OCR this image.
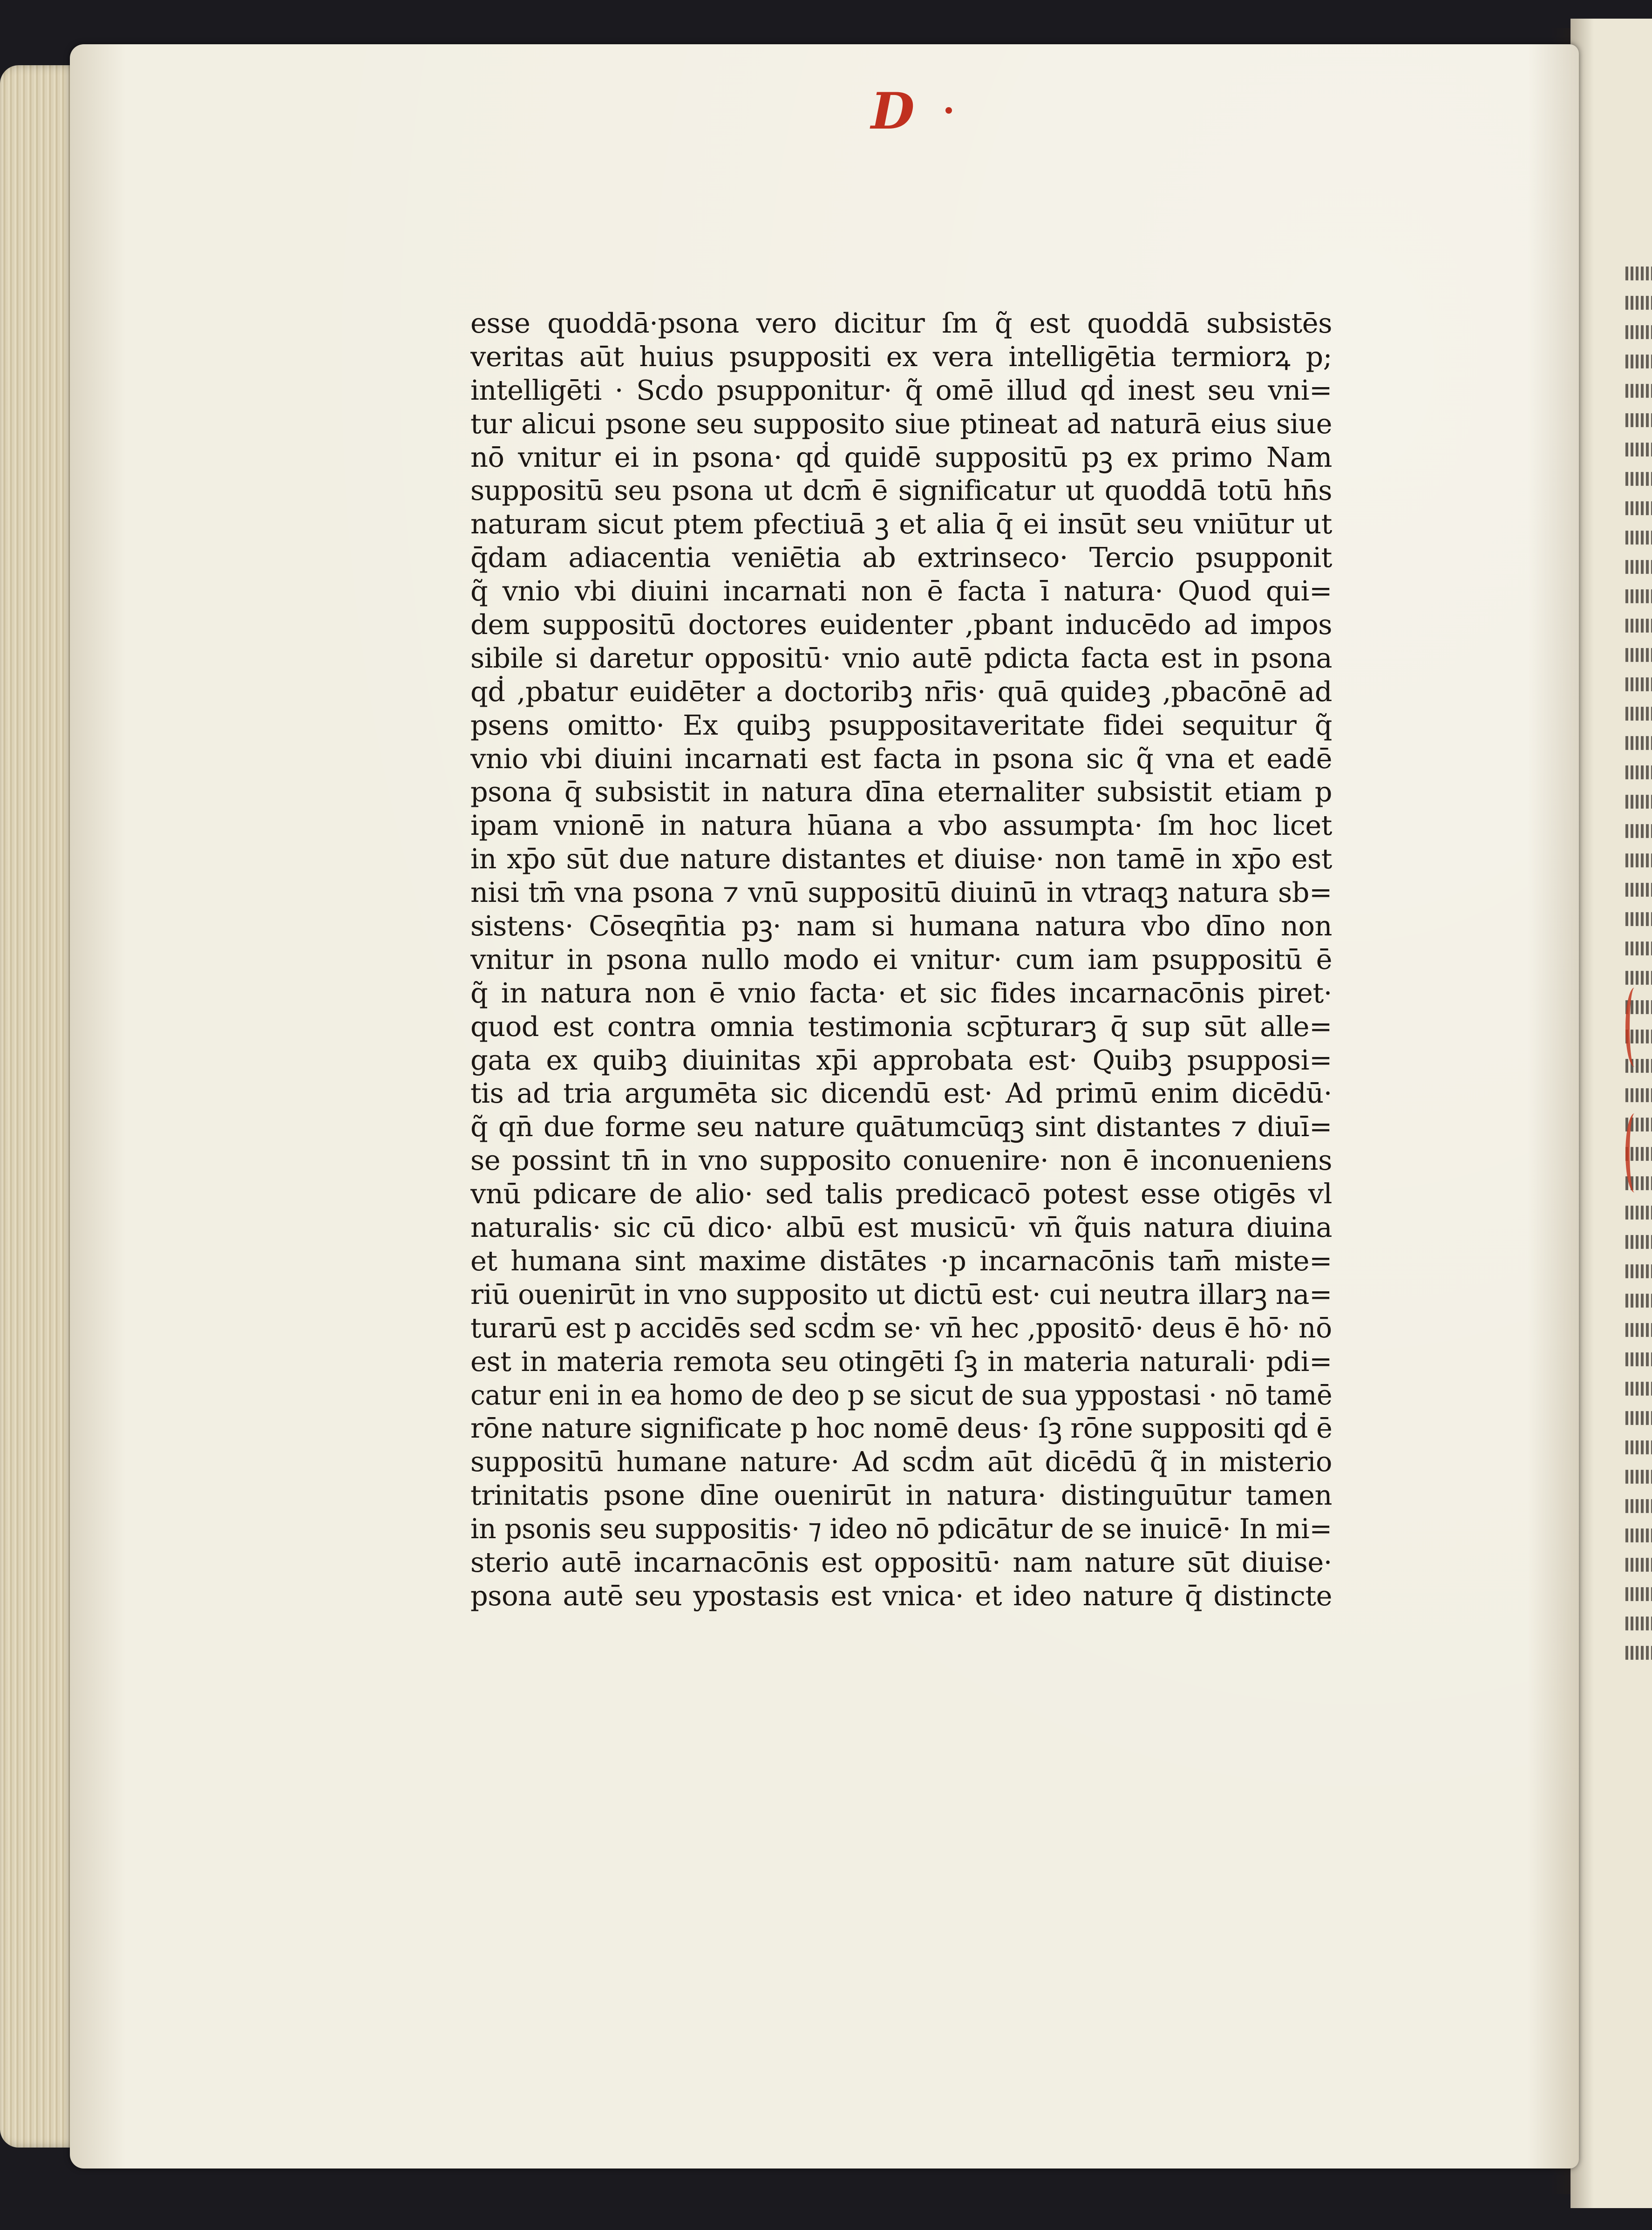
D
esse quoddā·psona vero dicitur ſm q̃ est quoddā subsistēs
veritas aūt huius psuppositi ex vera intelligētia termiorꝝ p;
intelligēti · Scḋo psupponitur· q̃ omē illud qḋ inest seu vni=
tur alicui psone seu supposito siue ptineat ad naturā eius siue
nō vnitur ei in psona· qḋ quidē suppositū pꝫ ex primo Nam
suppositū seu psona ut dcm̄ ē significatur ut quoddā totū hn̄s
naturam sicut ptem pfectiuā ꝫ et alia q̄ ei insūt seu vniūtur ut
q̄dam adiacentia veniētia ab extrinseco· Tercio psupponit
q̃ vnio vbi diuini incarnati non ē facta ī natura· Quod qui=
dem suppositū doctores euidenter ,pbant inducēdo ad impos
sibile si daretur oppositū· vnio autē pdicta facta est in psona
qḋ ,pbatur euidēter a doctoribꝫ nr̄is· quā quideꝫ ,pbacōnē ad
psens omitto· Ex quibꝫ psuppositaveritate fidei sequitur q̃
vnio vbi diuini incarnati est facta in psona sic q̃ vna et eadē
psona q̄ subsistit in natura dīna eternaliter subsistit etiam p
ipam vnionē in natura hūana a vbo assumpta· ſm hoc licet
in xp̄o sūt due nature distantes et diuise· non tamē in xp̄o est
nisi tm̄ vna psona ⁊ vnū suppositū diuinū in vtraqꝫ natura sb=
sistens· Cōseqn̄tia pꝫ· nam si humana natura vbo dīno non
vnitur in psona nullo modo ei vnitur· cum iam psuppositū ē
q̃ in natura non ē vnio facta· et sic fides incarnacōnis piret·
quod est contra omnia testimonia scp̄turarꝫ q̄ sup sūt alle=
gata ex quibꝫ diuinitas xp̄i approbata est· Quibꝫ psupposi=
tis ad tria argumēta sic dicendū est· Ad primū enim dicēdū·
q̃ qn̄ due forme seu nature quātumcūqꝫ sint distantes ⁊ diuī=
se possint tn̄ in vno supposito conuenire· non ē inconueniens
vnū pdicare de alio· sed talis predicacō potest esse otigēs vl
naturalis· sic cū dico· albū est musicū· vn̄ q̃uis natura diuina
et humana sint maxime distātes ·p incarnacōnis tam̄ miste=
riū ouenirūt in vno supposito ut dictū est· cui neutra illarꝫ na=
turarū est p accidēs sed scḋm se· vn̄ hec ,ppositō· deus ē hō· nō
est in materia remota seu otingēti ſꝫ in materia naturali· pdi=
catur eni in ea homo de deo p se sicut de sua yppostasi · nō tamē
rōne nature significate p hoc nomē deus· ſꝫ rōne suppositi qḋ ē
suppositū humane nature· Ad scḋm aūt dicēdū q̃ in misterio
trinitatis psone dīne ouenirūt in natura· distinguūtur tamen
in psonis seu suppositis· ⁊ ideo nō pdicātur de se inuicē· In mi=
sterio autē incarnacōnis est oppositū· nam nature sūt diuise·
psona autē seu ypostasis est vnica· et ideo nature q̄ distincte
